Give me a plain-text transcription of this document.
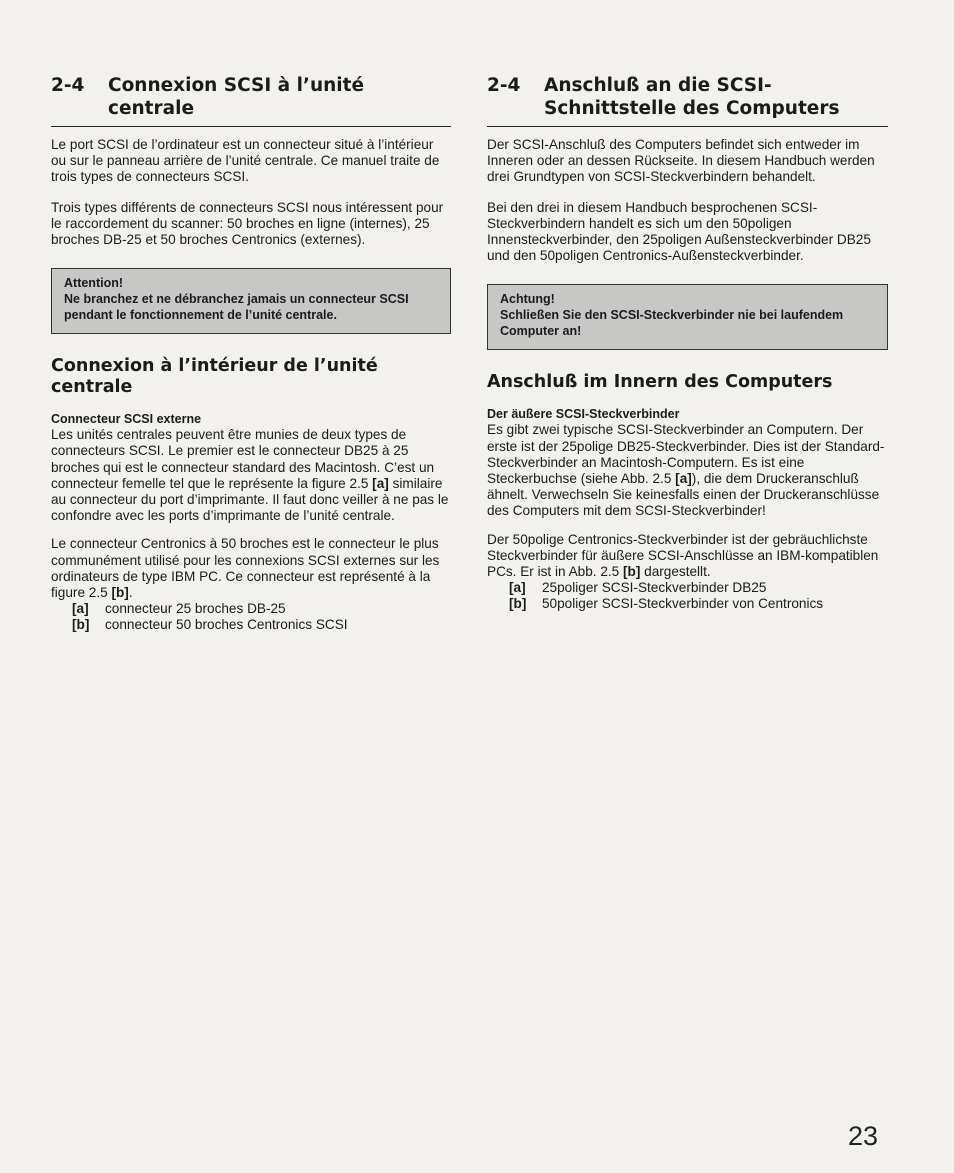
2-4	Connexion SCSI à l’unité centrale

Le port SCSI de l’ordinateur est un connecteur situé à l’intérieur ou sur le panneau arrière de l’unité centrale. Ce manuel traite de trois types de connecteurs SCSI.

Trois types différents de connecteurs SCSI nous intéressent pour le raccordement du scanner: 50 broches en ligne (internes), 25 broches DB-25 et 50 broches Centronics (externes).

Attention!
Ne branchez et ne débranchez jamais un connecteur SCSI pendant le fonctionnement de l’unité centrale.
Connexion à l’intérieur de l’unité centrale
Connecteur SCSI externe

Les unités centrales peuvent être munies de deux types de connecteurs SCSI. Le premier est le connecteur DB25 à 25 broches qui est le connecteur standard des Macintosh. C’est un connecteur femelle tel que le représente la figure 2.5 [a] similaire au connecteur du port d’imprimante. Il faut donc veiller à ne pas le confondre avec les ports d’imprimante de l’unité centrale.

Le connecteur Centronics à 50 broches est le connecteur le plus communément utilisé pour les connexions SCSI externes sur les ordinateurs de type IBM PC. Ce connecteur est représenté à la figure 2.5 [b].

[a]	connecteur 25 broches DB-25
[b]	connecteur 50 broches Centronics SCSI
2-4	Anschluß an die SCSI-Schnittstelle des Computers

Der SCSI-Anschluß des Computers befindet sich entweder im Inneren oder an dessen Rückseite. In diesem Handbuch werden drei Grundtypen von SCSI-Steckverbindern behandelt.

Bei den drei in diesem Handbuch besprochenen SCSI-Steckverbindern handelt es sich um den 50poligen Innensteckverbinder, den 25poligen Außensteckverbinder DB25 und den 50poligen Centronics-Außensteckverbinder.

Achtung!
Schließen Sie den SCSI-Steckverbinder nie bei laufendem Computer an!
Anschluß im Innern des Computers
Der äußere SCSI-Steckverbinder

Es gibt zwei typische SCSI-Steckverbinder an Computern. Der erste ist der 25polige DB25-Steckverbinder. Dies ist der Standard-Steckverbinder an Macintosh-Computern. Es ist eine Steckerbuchse (siehe Abb. 2.5 [a]), die dem Druckeranschluß ähnelt. Verwechseln Sie keinesfalls einen der Druckeranschlüsse des Computers mit dem SCSI-Steckverbinder!

Der 50polige Centronics-Steckverbinder ist der gebräuchlichste Steckverbinder für äußere SCSI-Anschlüsse an IBM-kompatiblen PCs. Er ist in Abb. 2.5 [b] dargestellt.

[a]	25poliger SCSI-Steckverbinder DB25
[b]	50poliger SCSI-Steckverbinder von Centronics
23
